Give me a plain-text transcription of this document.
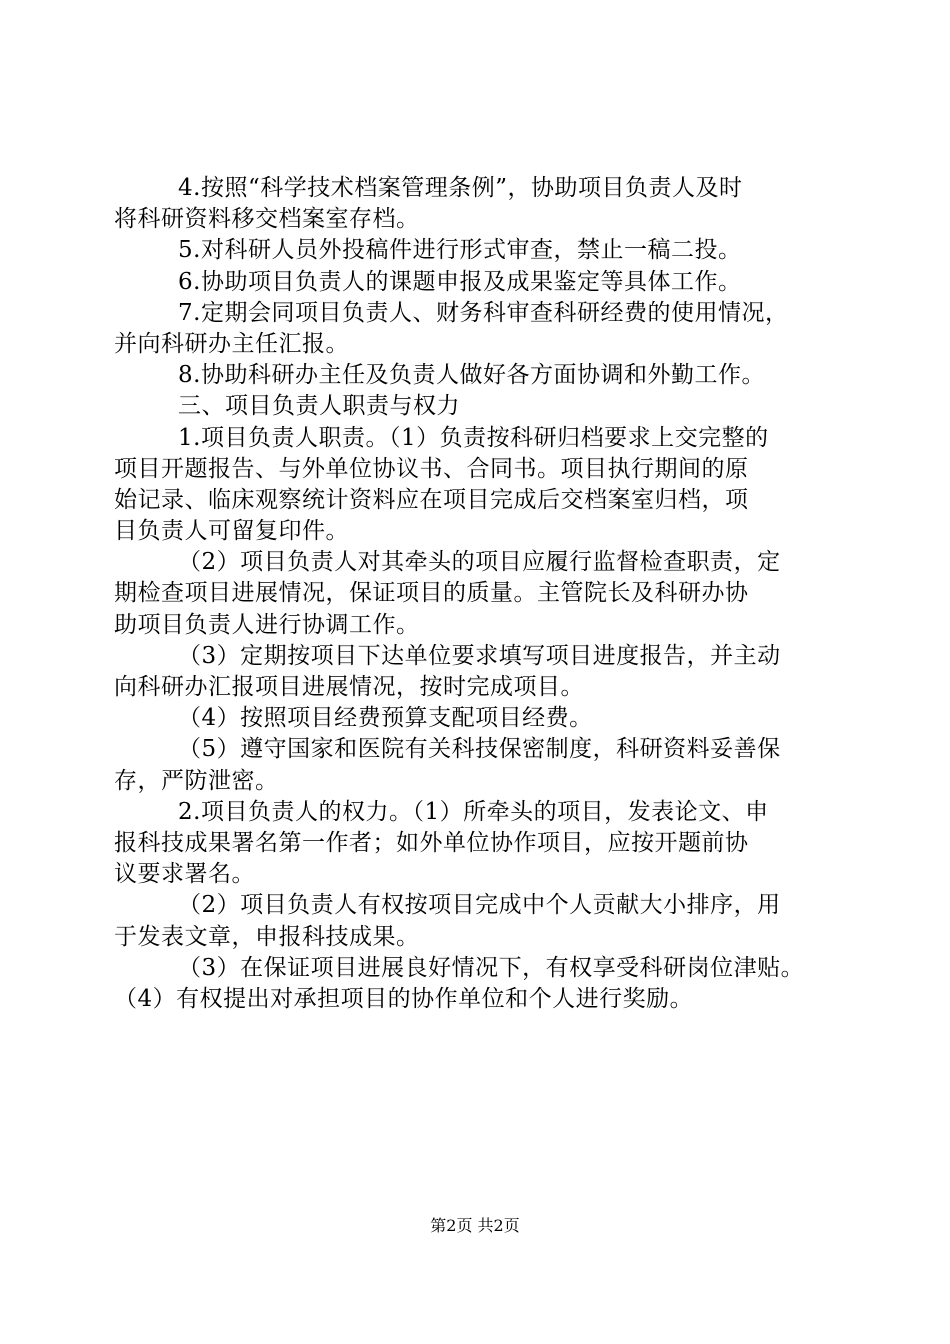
4.按照“科学技术档案管理条例”，协助项目负责人及时
将科研资料移交档案室存档。
5.对科研人员外投稿件进行形式审查，禁止一稿二投。
6.协助项目负责人的课题申报及成果鉴定等具体工作。
7.定期会同项目负责人、财务科审查科研经费的使用情况，
并向科研办主任汇报。
8.协助科研办主任及负责人做好各方面协调和外勤工作。
三、项目负责人职责与权力
1.项目负责人职责。（1）负责按科研归档要求上交完整的
项目开题报告、与外单位协议书、合同书。项目执行期间的原
始记录、临床观察统计资料应在项目完成后交档案室归档，项
目负责人可留复印件。
（2）项目负责人对其牵头的项目应履行监督检查职责，定
期检查项目进展情况，保证项目的质量。主管院长及科研办协
助项目负责人进行协调工作。
（3）定期按项目下达单位要求填写项目进度报告，并主动
向科研办汇报项目进展情况，按时完成项目。
（4）按照项目经费预算支配项目经费。
（5）遵守国家和医院有关科技保密制度，科研资料妥善保
存，严防泄密。
2.项目负责人的权力。（1）所牵头的项目，发表论文、申
报科技成果署名第一作者；如外单位协作项目，应按开题前协
议要求署名。
（2）项目负责人有权按项目完成中个人贡献大小排序，用
于发表文章，申报科技成果。
（3）在保证项目进展良好情况下，有权享受科研岗位津贴。
（4）有权提出对承担项目的协作单位和个人进行奖励。
第2页 共2页
